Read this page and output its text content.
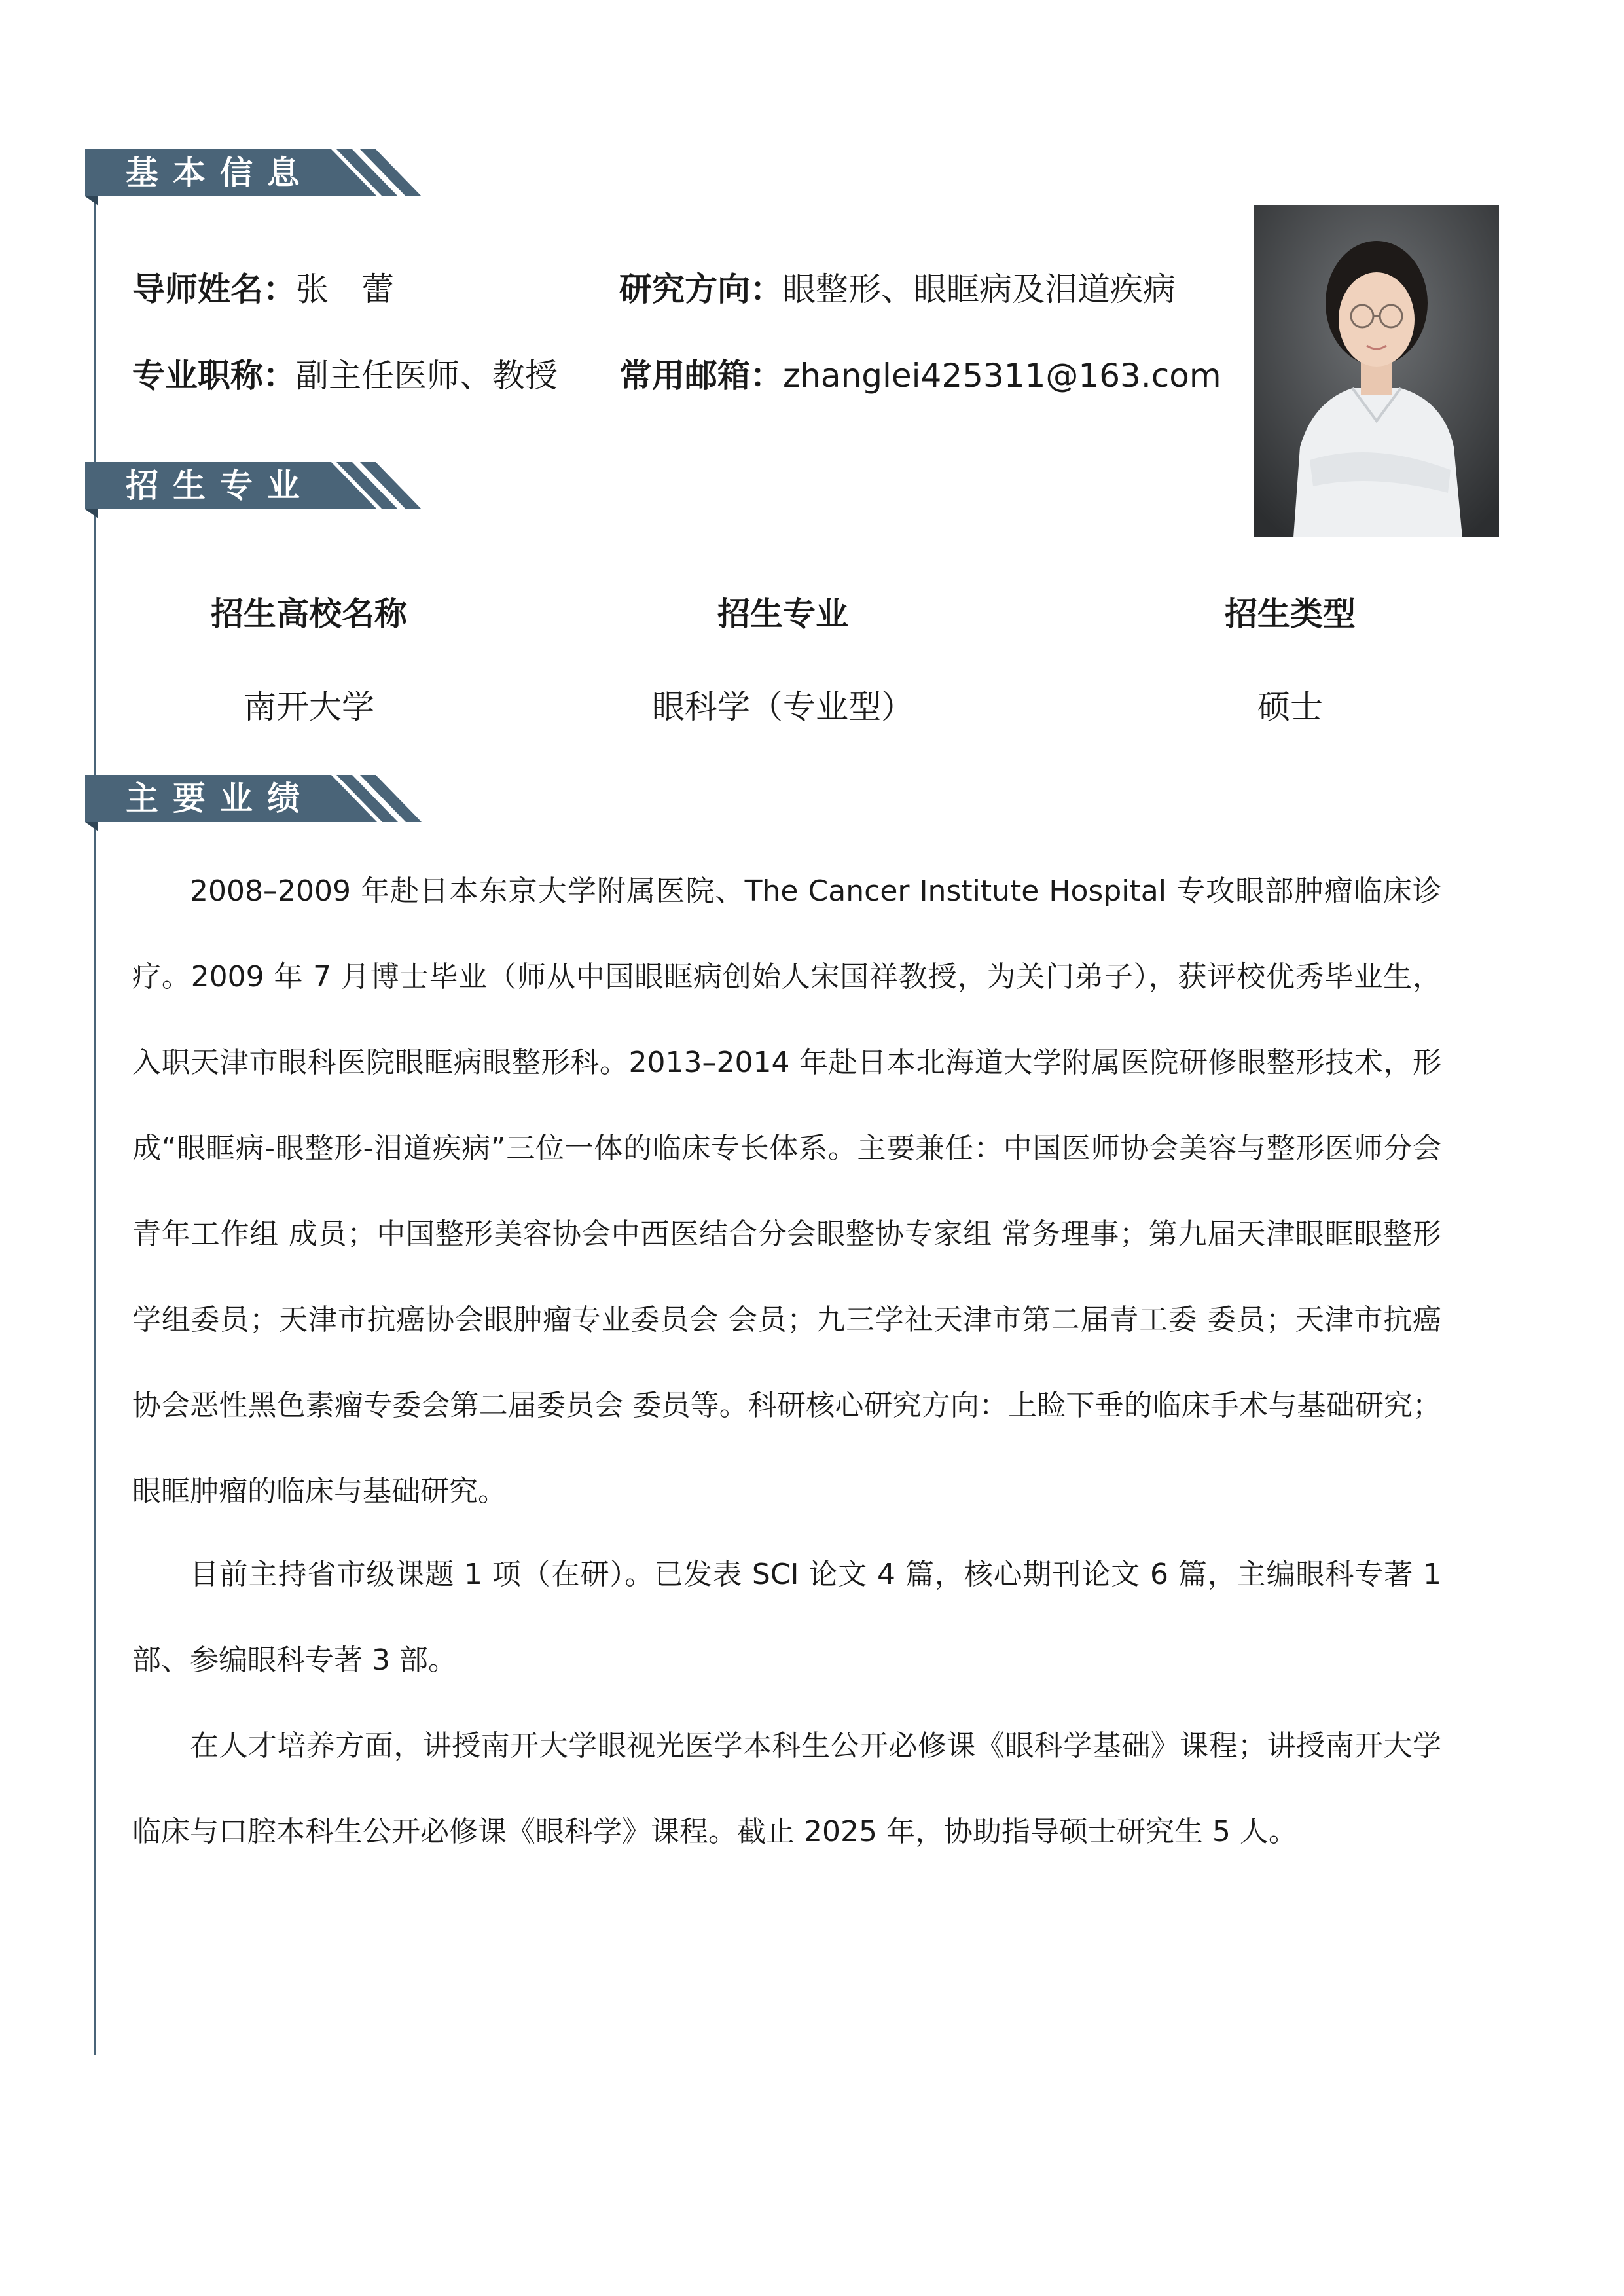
基本信息
导师姓名：张　蕾	研究方向：眼整形、眼眶病及泪道疾病
专业职称：副主任医师、教授 常用邮箱：zhanglei425311@163.com
招生专业
招生高校名称	招生专业	招生类型
南开大学	眼科学（专业型）	硕士
主要业绩

2008–2009 年赴日本东京大学附属医院、The Cancer Institute Hospital 专攻眼部肿瘤临床诊疗。2009 年 7 月博士毕业（师从中国眼眶病创始人宋国祥教授，为关门弟子），获评校优秀毕业生，入职天津市眼科医院眼眶病眼整形科。2013–2014 年赴日本北海道大学附属医院研修眼整形技术，形成“眼眶病-眼整形-泪道疾病”三位一体的临床专长体系。主要兼任：中国医师协会美容与整形医师分会青年工作组 成员；中国整形美容协会中西医结合分会眼整协专家组 常务理事；第九届天津眼眶眼整形学组委员；天津市抗癌协会眼肿瘤专业委员会 会员；九三学社天津市第二届青工委 委员；天津市抗癌协会恶性黑色素瘤专委会第二届委员会 委员等。科研核心研究方向：上睑下垂的临床手术与基础研究；眼眶肿瘤的临床与基础研究。

目前主持省市级课题 1 项（在研）。已发表 SCI 论文 4 篇，核心期刊论文 6 篇，主编眼科专著 1 部、参编眼科专著 3 部。

在人才培养方面，讲授南开大学眼视光医学本科生公开必修课《眼科学基础》课程；讲授南开大学临床与口腔本科生公开必修课《眼科学》课程。截止 2025 年，协助指导硕士研究生 5 人。
